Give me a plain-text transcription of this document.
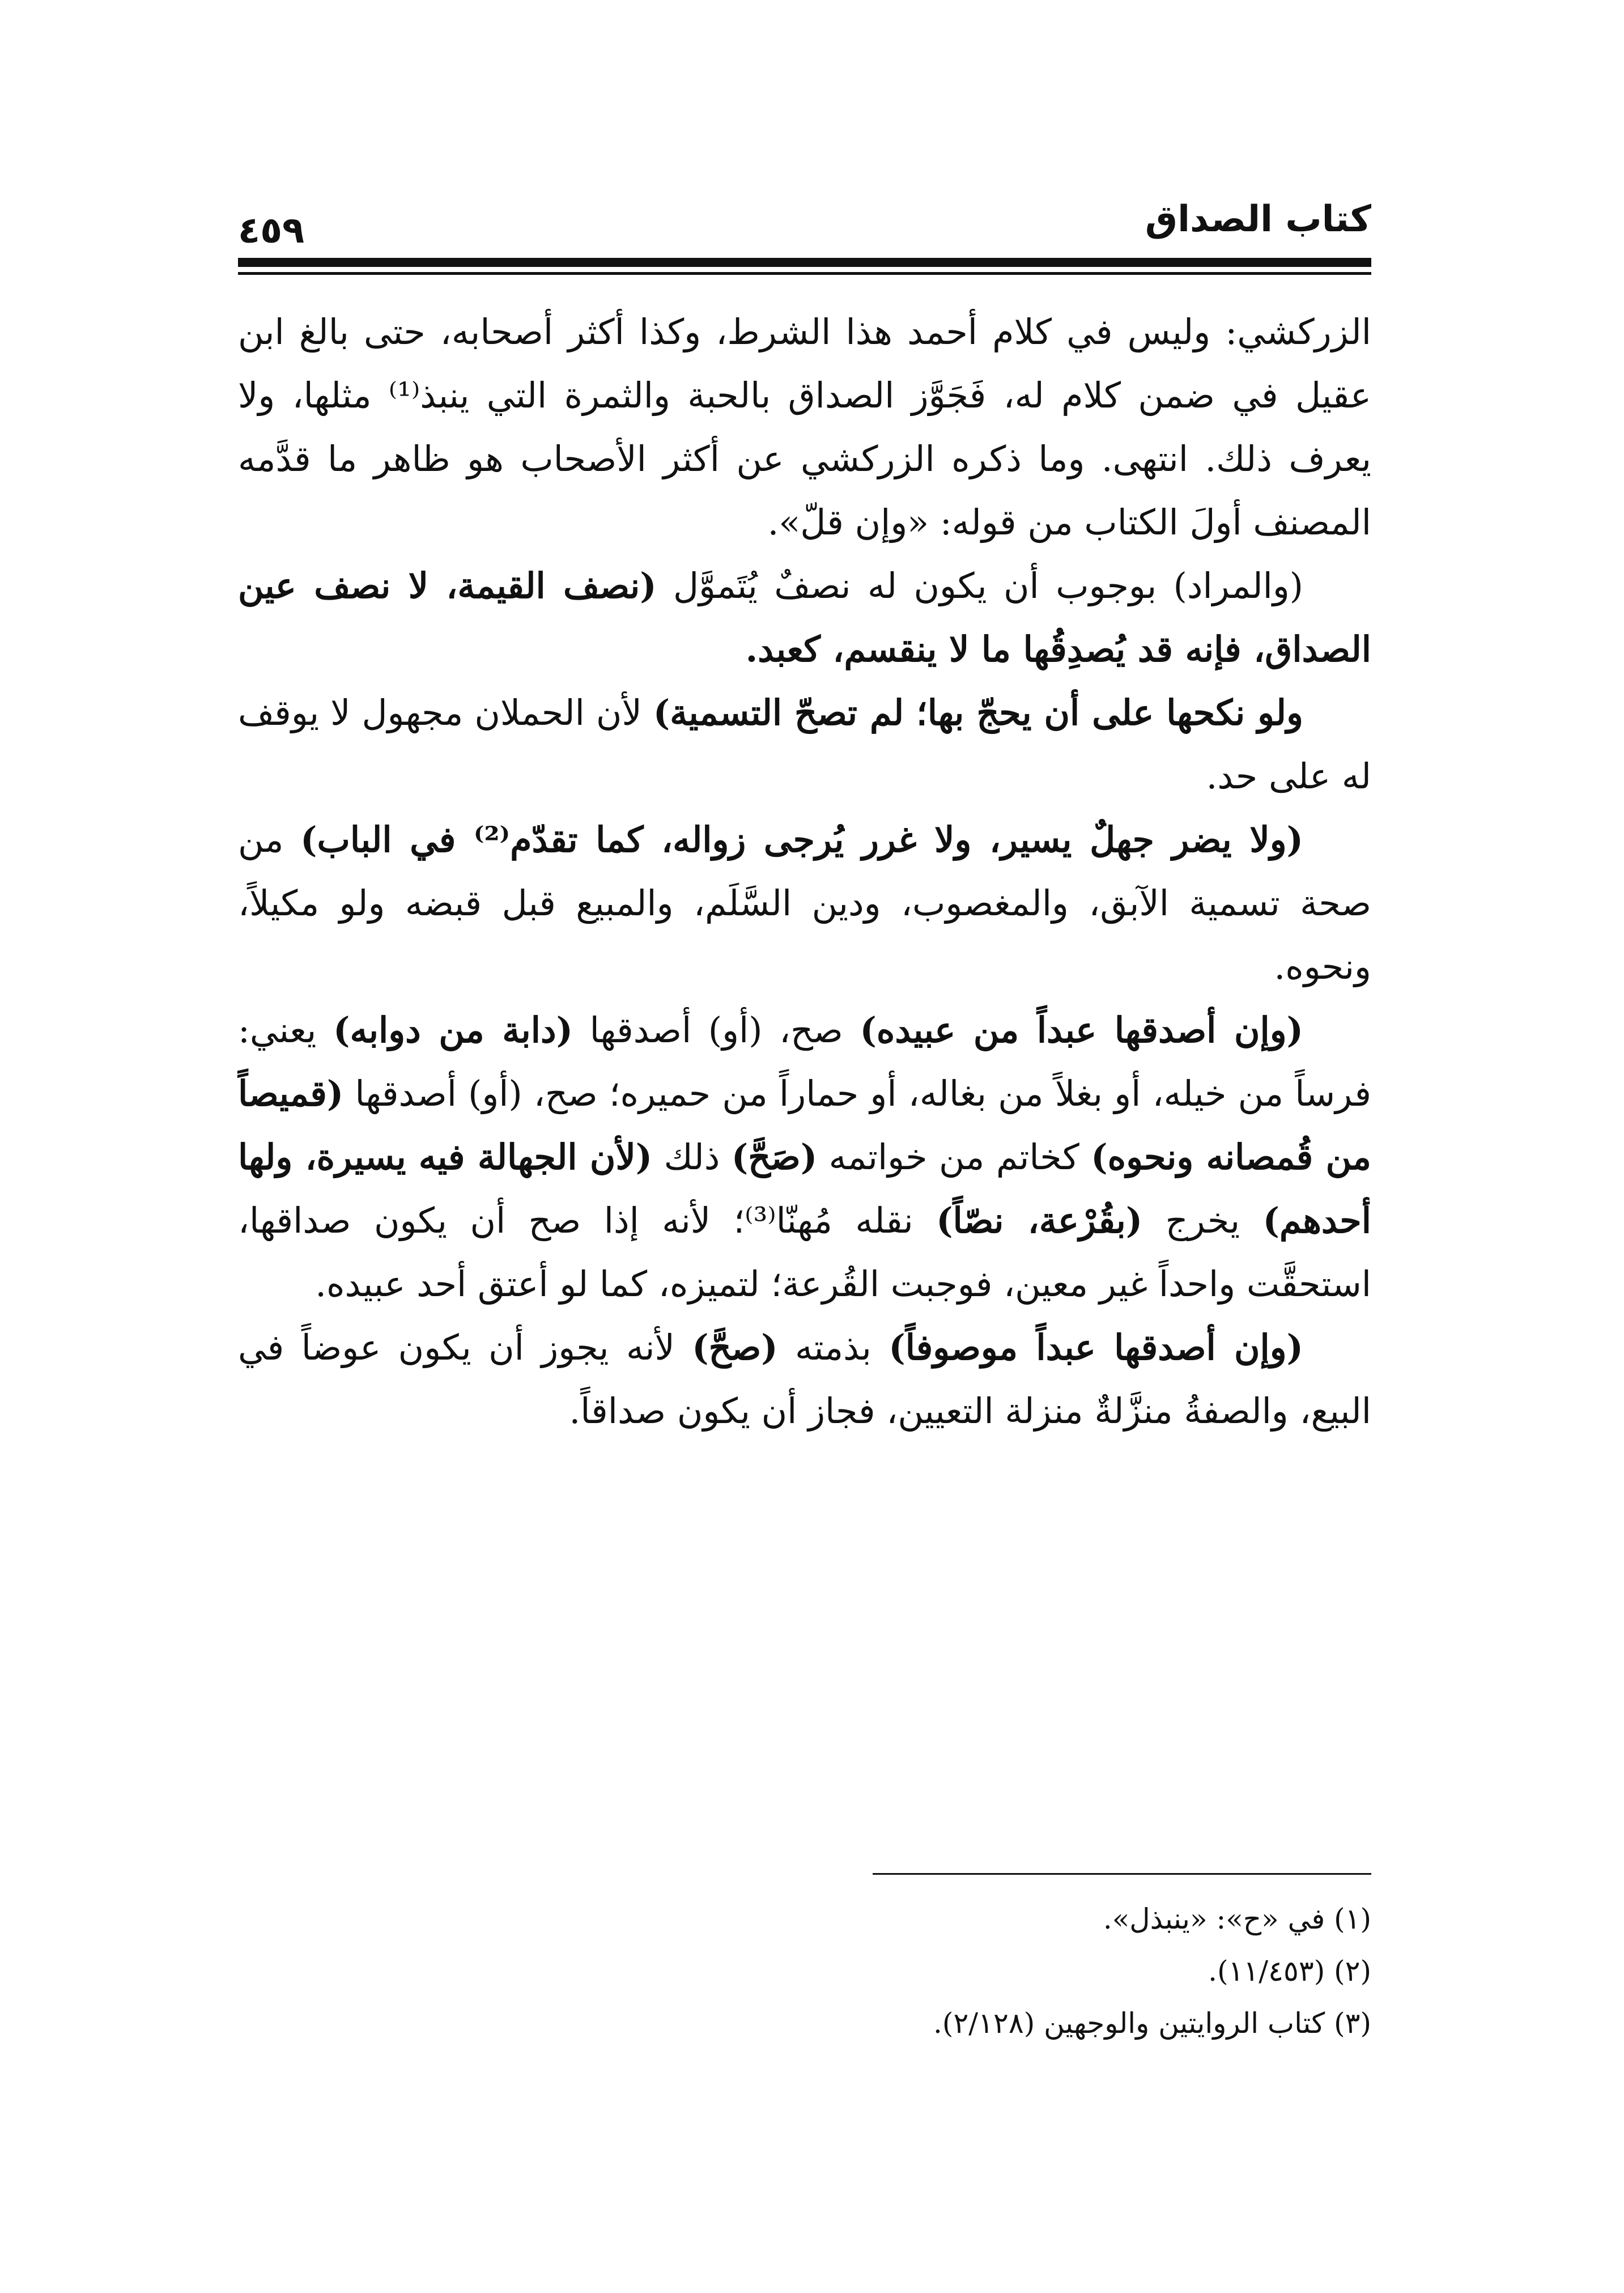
كتاب الصداق
٤٥٩

الزركشي: وليس في كلام أحمد هذا الشرط، وكذا أكثر أصحابه، حتى بالغ ابن عقيل في ضمن كلام له، فَجَوَّز الصداق بالحبة والثمرة التي ينبذ⁽¹⁾ مثلها، ولا يعرف ذلك. انتهى. وما ذكره الزركشي عن أكثر الأصحاب هو ظاهر ما قدَّمه المصنف أولَ الكتاب من قوله: «وإن قلّ».

(والمراد) بوجوب أن يكون له نصفٌ يُتَموَّل (نصف القيمة، لا نصف عين الصداق، فإنه قد يُصدِقُها ما لا ينقسم، كعبد.

ولو نكحها على أن يحجّ بها؛ لم تصحّ التسمية) لأن الحملان مجهول لا يوقف له على حد.

(ولا يضر جهلٌ يسير، ولا غرر يُرجى زواله، كما تقدّم⁽²⁾ في الباب) من صحة تسمية الآبق، والمغصوب، ودين السَّلَم، والمبيع قبل قبضه ولو مكيلاً، ونحوه.

(وإن أصدقها عبداً من عبيده) صح، (أو) أصدقها (دابة من دوابه) يعني: فرساً من خيله، أو بغلاً من بغاله، أو حماراً من حميره؛ صح، (أو) أصدقها (قميصاً من قُمصانه ونحوه) كخاتم من خواتمه (صَحَّ) ذلك (لأن الجهالة فيه يسيرة، ولها أحدهم) يخرج (بقُرْعة، نصّاً) نقله مُهنّا⁽³⁾؛ لأنه إذا صح أن يكون صداقها، استحقَّت واحداً غير معين، فوجبت القُرعة؛ لتميزه، كما لو أعتق أحد عبيده.

(وإن أصدقها عبداً موصوفاً) بذمته (صحَّ) لأنه يجوز أن يكون عوضاً في البيع، والصفةُ منزَّلةٌ منزلة التعيين، فجاز أن يكون صداقاً.

(١) في «ح»: «ينبذل».
(٢) (١١/٤٥٣).
(٣) كتاب الروايتين والوجهين (٢/١٢٨).
